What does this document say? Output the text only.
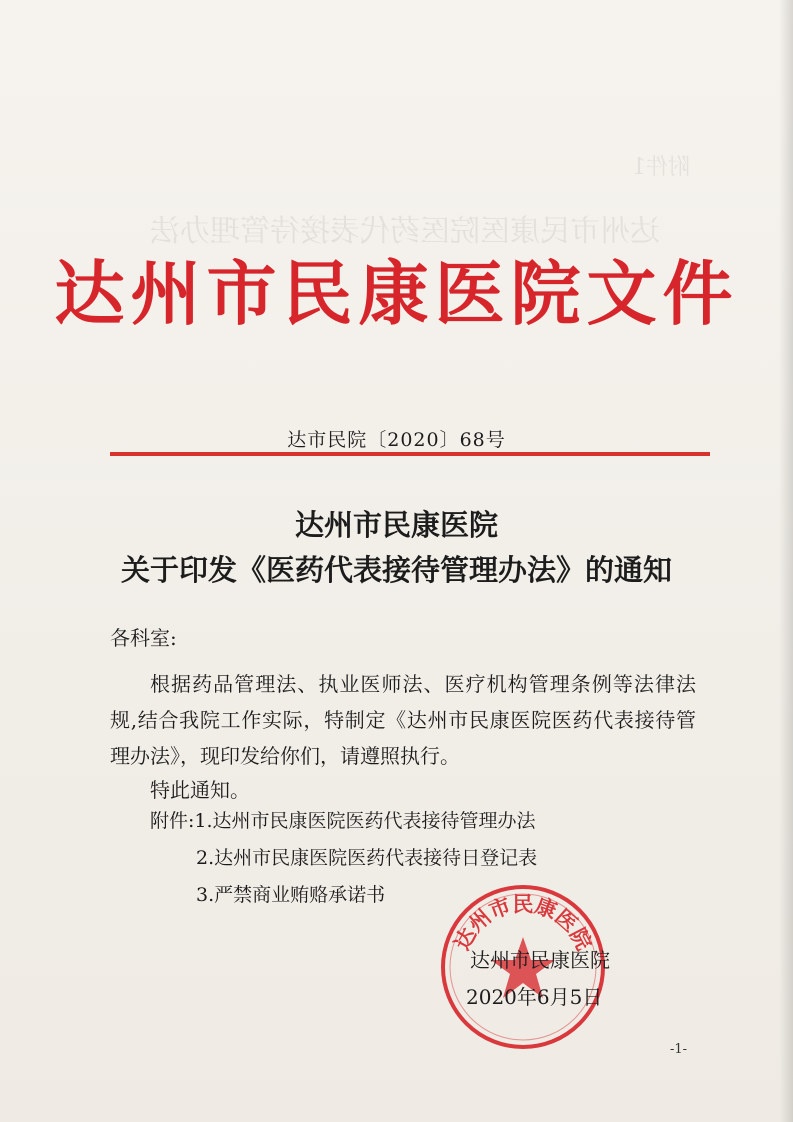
附件1
达州市民康医院医药代表接待管理办法
达州市民康医院文件
达市民院〔2020〕68号
达州市民康医院
关于印发《医药代表接待管理办法》的通知
各科室:
根据药品管理法、执业医师法、医疗机构管理条例等法律法规,结合我院工作实际，特制定《达州市民康医院医药代表接待管理办法》，现印发给你们，请遵照执行。
特此通知。
附件:1.达州市民康医院医药代表接待管理办法
2.达州市民康医院医药代表接待日登记表
3.严禁商业贿赂承诺书
达州市民康医院
达州市民康医院
2020年6月5日
-1-
